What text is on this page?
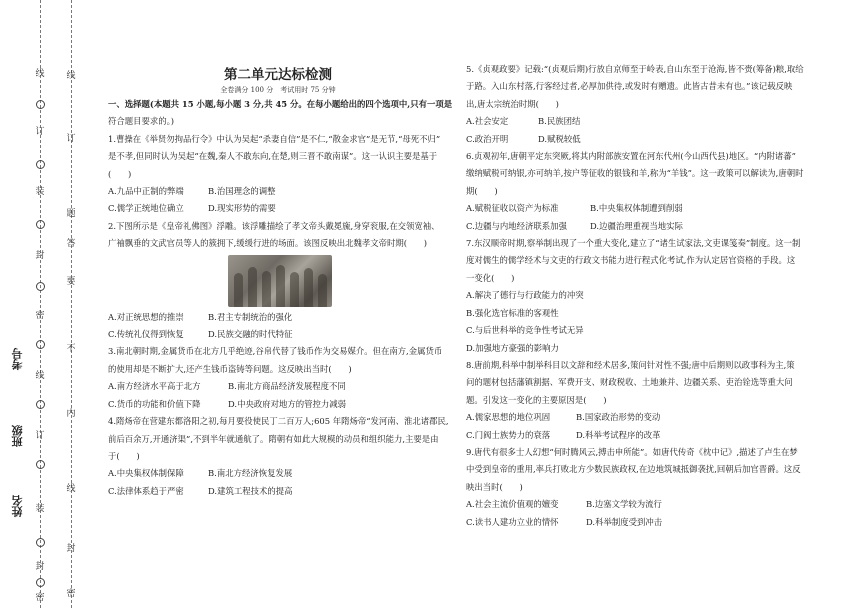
姓名
班级
考号
订
装
封
密
线
订
装
封
密
线 线
订
题
答
要
不
内
线
封
密

第二单元达标检测

全卷满分 100 分　考试用时 75 分钟

一、选择题(本题共 15 小题,每小题 3 分,共 45 分。在每小题给出的四个选项中,只有一项是

符合题目要求的。)

1.曹操在《举贤勿拘品行令》中认为吴起“杀妻自信”是不仁,“散金求官”是无节,“母死不归”

是不孝,但同时认为吴起“在魏,秦人不敢东向,在楚,则三晋不敢南谋”。这一认识主要是基于

(　　)

A.九品中正制的弊端	B.治国理念的调整

C.儒学正统地位确立	D.现实形势的需要

2.下图所示是《皇帝礼佛图》浮雕。该浮雕描绘了孝文帝头戴冕旒,身穿衮服,在交领宽袖、

广袖飘垂的文武官员等人的簇拥下,缓缓行进的场面。该图反映出北魏孝文帝时期(　　)

A.对正统思想的推崇	B.君主专制统治的强化

C.传统礼仪得到恢复	D.民族交融的时代特征

3.南北朝时期,金属货币在北方几乎绝迹,谷帛代替了钱币作为交易媒介。但在南方,金属货币

的使用却是不断扩大,还产生钱币盗铸等问题。这反映出当时(　　)

A.南方经济水平高于北方	B.南北方商品经济发展程度不同

C.货币的功能和价值下降	D.中央政府对地方的管控力减弱

4.隋炀帝在营建东都洛阳之初,每月要役使民丁二百万人;605 年隋炀帝“发河南、淮北诸郡民,

前后百余万,开通济渠”,不到半年就通航了。隋朝有如此大规模的动员和组织能力,主要是由

于(　　)

A.中央集权体制保障	B.南北方经济恢复发展

C.法律体系趋于严密	D.建筑工程技术的提高

5.《贞观政要》记载:“(贞观后期)行放自京师至于岭表,自山东至于沧海,皆不赍(筹备)粮,取给

于路。入山东村落,行客经过者,必厚加供待,或发时有赠遗。此皆古昔未有也。”该记载反映

出,唐太宗统治时期(　　)

A.社会安定	B.民族团结

C.政治开明	D.赋税较低

6.贞观初年,唐朝平定东突厥,将其内附部族安置在河东代州(今山西代县)地区。“内附诸蕃”

缴纳赋税可纳银,亦可纳羊,按户等征收的银钱和羊,称为“羊钱”。这一政策可以解读为,唐朝时

期(　　)

A.赋税征收以资产为标准	B.中央集权体制遭到削弱

C.边疆与内地经济联系加强	D.边疆治理重视当地实际

7.东汉顺帝时期,察举制出现了一个重大变化,建立了“诸生试家法,文吏课笺奏”制度。这一制

度对儒生的儒学经术与文吏的行政文书能力进行程式化考试,作为认定居官资格的手段。这

一变化(　　)

A.解决了德行与行政能力的冲突

B.强化选官标准的客观性

C.与后世科举的竞争性考试无异

D.加强地方豪强的影响力

8.唐前期,科举中制举科目以文辞和经术居多,策问针对性不强;唐中后期则以政事科为主,策

问的题材包括藩镇割据、军费开支、财政税收、土地兼并、边疆关系、吏治铨选等重大问

题。引发这一变化的主要原因是(　　)

A.儒家思想的地位巩固	B.国家政治形势的变动

C.门阀士族势力的衰落	D.科举考试程序的改革

9.唐代有很多士人幻想“何时腾风云,搏击申所能”。如唐代传奇《枕中记》,描述了卢生在梦

中受到皇帝的重用,率兵打败北方少数民族政权,在边地筑城抵御袭扰,回朝后加官晋爵。这反

映出当时(　　)

A.社会主流价值观的嬗变	B.边塞文学较为流行

C.读书人建功立业的情怀	D.科举制度受到冲击
